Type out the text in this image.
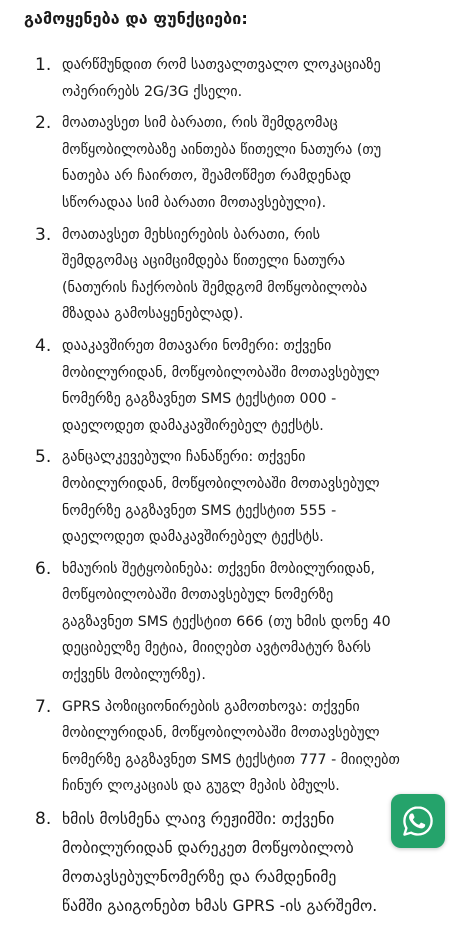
გამოყენება და ფუნქციები:
1. დარწმუნდით რომ სათვალთვალო ლოკაციაზე
ოპერირებს 2G/3G ქსელი.
2. მოათავსეთ სიმ ბარათი, რის შემდგომაც
მოწყობილობაზე აინთება წითელი ნათურა (თუ
ნათება არ ჩაირთო, შეამოწმეთ რამდენად
სწორადაა სიმ ბარათი მოთავსებული).
3. მოათავსეთ მეხსიერების ბარათი, რის
შემდგომაც აციმციმდება წითელი ნათურა
(ნათურის ჩაქრობის შემდგომ მოწყობილობა
მზადაა გამოსაყენებლად).
4. დააკავშირეთ მთავარი ნომერი: თქვენი
მობილურიდან, მოწყობილობაში მოთავსებულ
ნომერზე გაგზავნეთ SMS ტექსტით 000 -
დაელოდეთ დამაკავშირებელ ტექსტს.
5. განცალკევებული ჩანაწერი: თქვენი
მობილურიდან, მოწყობილობაში მოთავსებულ
ნომერზე გაგზავნეთ SMS ტექსტით 555 -
დაელოდეთ დამაკავშირებელ ტექსტს.
6. ხმაურის შეტყობინება: თქვენი მობილურიდან,
მოწყობილობაში მოთავსებულ ნომერზე
გაგზავნეთ SMS ტექსტით 666 (თუ ხმის დონე 40
დეციბელზე მეტია, მიიღებთ ავტომატურ ზარს
თქვენს მობილურზე).
7. GPRS პოზიციონირების გამოთხოვა: თქვენი
მობილურიდან, მოწყობილობაში მოთავსებულ
ნომერზე გაგზავნეთ SMS ტექსტით 777 - მიიღებთ
ჩინურ ლოკაციას და გუგლ მეპის ბმულს.
8. ხმის მოსმენა ლაივ რეჟიმში: თქვენი
მობილურიდან დარეკეთ მოწყობილობ
მოთავსებულნომერზე და რამდენიმე
წამში გაიგონებთ ხმას GPRS -ის გარშემო.
